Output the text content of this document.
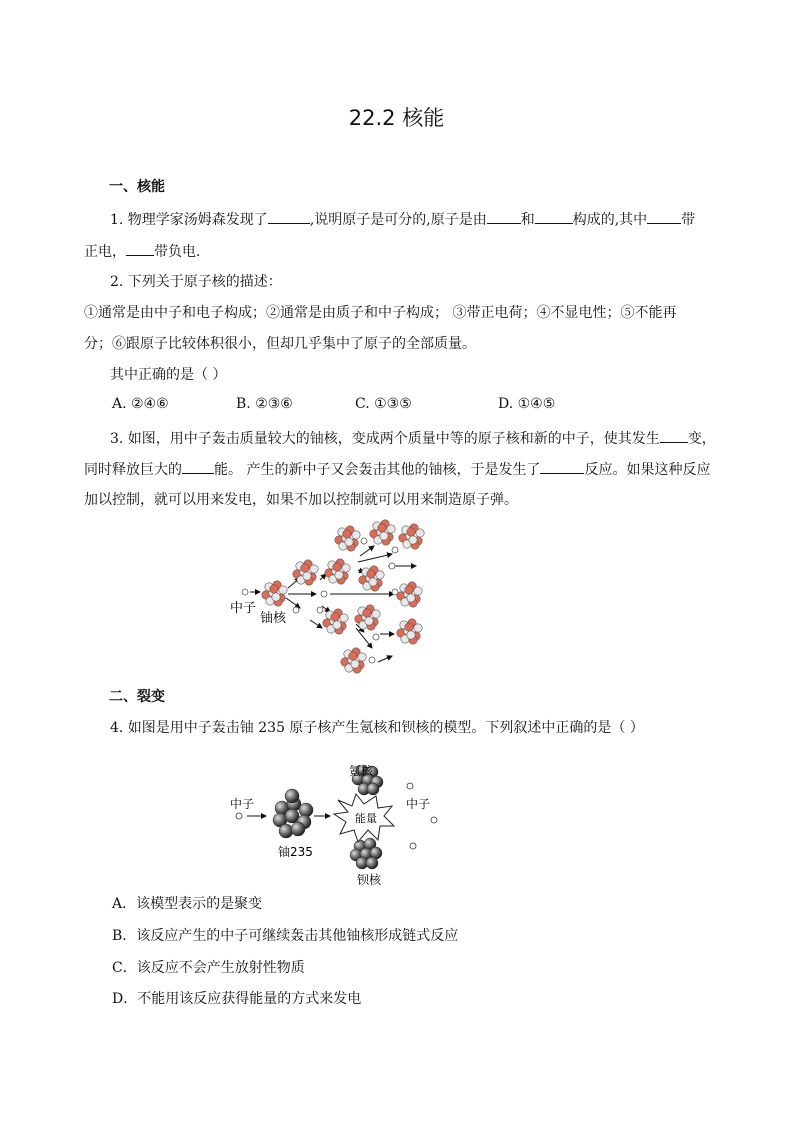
22.2 核能
一、核能
1. 物理学家汤姆森发现了	,说明原子是可分的,原子是由 和	构成的,其中 带
正电， 带负电．
2. 下列关于原子核的描述：
①通常是由中子和电子构成；②通常是由质子和中子构成； ③带正电荷；④不显电性；⑤不能再
分；⑥跟原子比较体积很小，但却几乎集中了原子的全部质量。
其中正确的是（ ）
A. ②④⑥	B. ②③⑥	C. ①③⑤	D. ①④⑤
3. 如图，用中子轰击质量较大的铀核，变成两个质量中等的原子核和新的中子，使其发生 变，
同时释放巨大的 能。 产生的新中子又会轰击其他的铀核，于是发生了	反应。如果这种反应
加以控制，就可以用来发电，如果不加以控制就可以用来制造原子弹。
中子
铀核
二、裂变
4. 如图是用中子轰击铀 235 原子核产生氪核和钡核的模型。下列叙述中正确的是（ ）
能量
氪核
中子	中子
铀235
钡核
A．该模型表示的是聚变
B．该反应产生的中子可继续轰击其他铀核形成链式反应
C．该反应不会产生放射性物质
D．不能用该反应获得能量的方式来发电
